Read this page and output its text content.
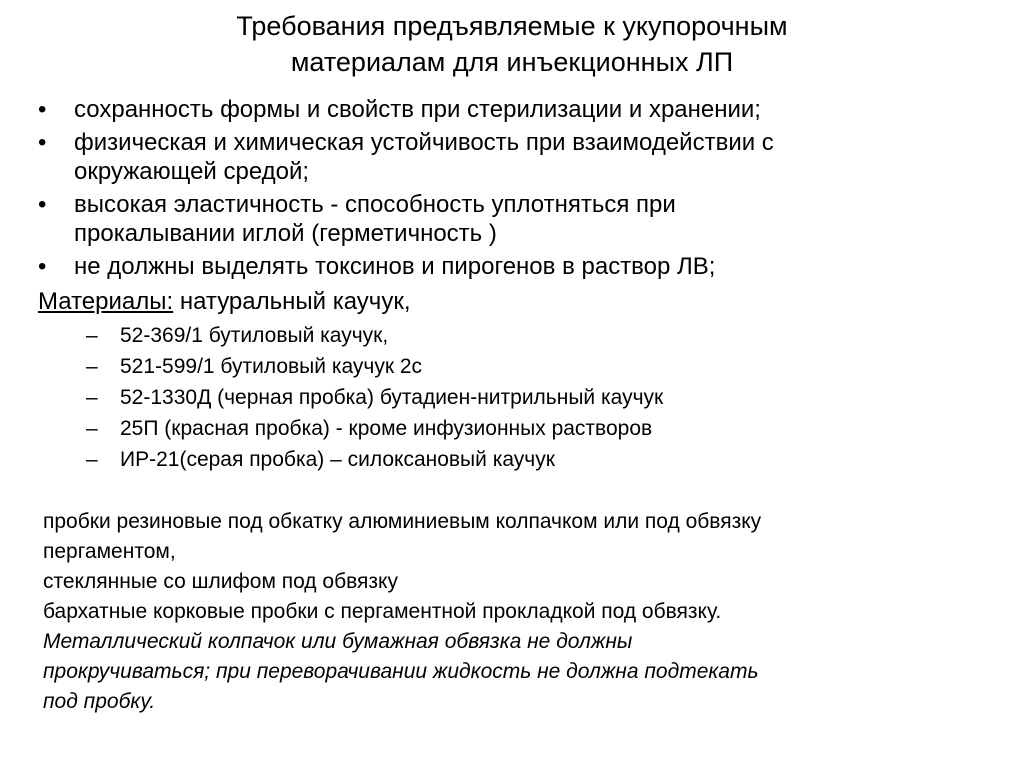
Требования предъявляемые к укупорочным
материалам для инъекционных ЛП
• сохранность формы и свойств при стерилизации и хранении;
• физическая и химическая устойчивость при взаимодействии с
окружающей средой;
• высокая эластичность - способность уплотняться при
прокалывании иглой (герметичность )
• не должны выделять токсинов и пирогенов в раствор ЛВ;
Материалы: натуральный каучук,
– 52-369/1 бутиловый каучук,
– 521-599/1 бутиловый каучук 2с
– 52-1330Д (черная пробка) бутадиен-нитрильный каучук
– 25П (красная пробка) - кроме инфузионных растворов
– ИР-21(серая пробка) – силоксановый каучук
пробки резиновые под обкатку алюминиевым колпачком или под обвязку
пергаментом,
стеклянные со шлифом под обвязку
бархатные корковые пробки с пергаментной прокладкой под обвязку.
Металлический колпачок или бумажная обвязка не должны
прокручиваться; при переворачивании жидкость не должна подтекать
под пробку.
